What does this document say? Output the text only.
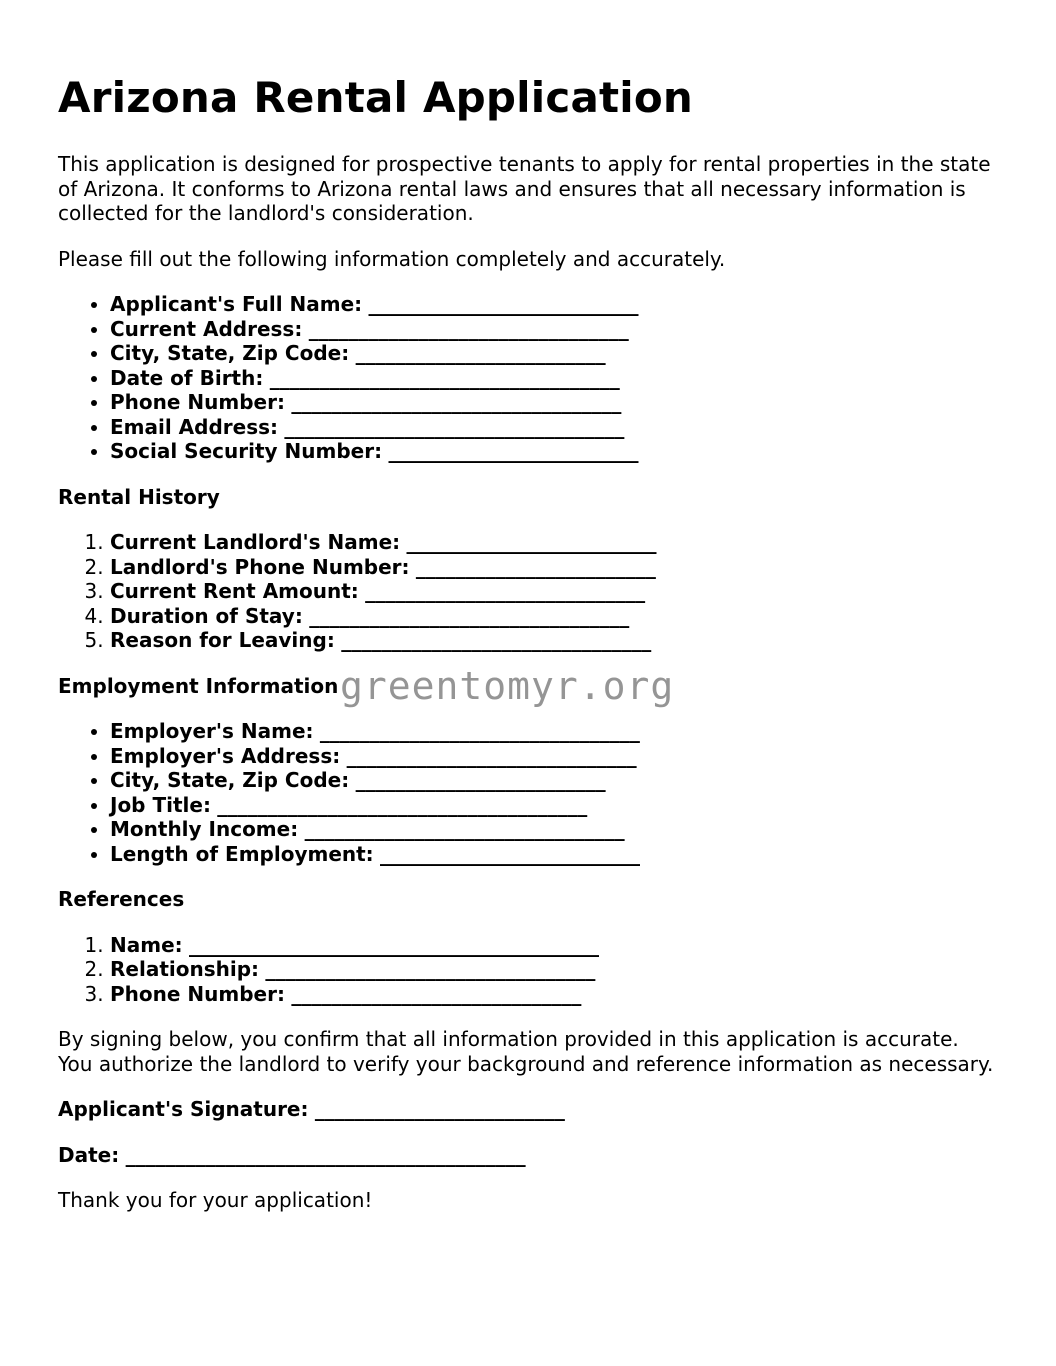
Arizona Rental Application

This application is designed for prospective tenants to apply for rental properties in the state of Arizona. It conforms to Arizona rental laws and ensures that all necessary information is collected for the landlord's consideration.

Please fill out the following information completely and accurately.

• Applicant's Full Name: ___________________________
• Current Address: ________________________________
• City, State, Zip Code: _________________________
• Date of Birth: ___________________________________
• Phone Number: _________________________________
• Email Address: __________________________________
• Social Security Number: _________________________
Rental History
1. Current Landlord's Name: _________________________
2. Landlord's Phone Number: ________________________
3. Current Rent Amount: ____________________________
4. Duration of Stay: ________________________________
5. Reason for Leaving: _______________________________
Employment Information
• Employer's Name: ________________________________
• Employer's Address: _____________________________
• City, State, Zip Code: _________________________
• Job Title: _____________________________________
• Monthly Income: ________________________________
• Length of Employment: __________________________
References
1. Name: _________________________________________
2. Relationship: _________________________________
3. Phone Number: _____________________________

By signing below, you confirm that all information provided in this application is accurate. You authorize the landlord to verify your background and reference information as necessary.

Applicant's Signature: _________________________
Date: ________________________________________

Thank you for your application!

greentomyr.org
